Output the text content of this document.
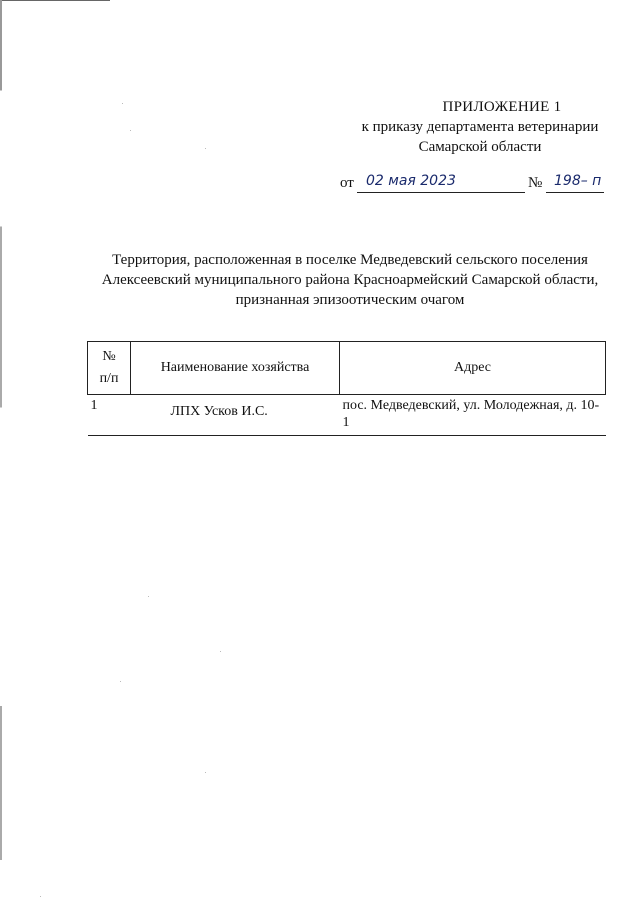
ПРИЛОЖЕНИЕ 1
к приказу департамента ветеринарии
Самарской области
от 02 мая 2023	№ 198– п
Территория, расположенная в поселке Медведевский сельского поселения
Алексеевский муниципального района Красноармейский Самарской области,
признанная эпизоотическим очагом
№
п/п	Наименование хозяйства	Адрес
1	ЛПХ Усков И.С.	пос. Медведевский, ул. Молодежная, д. 10-1
